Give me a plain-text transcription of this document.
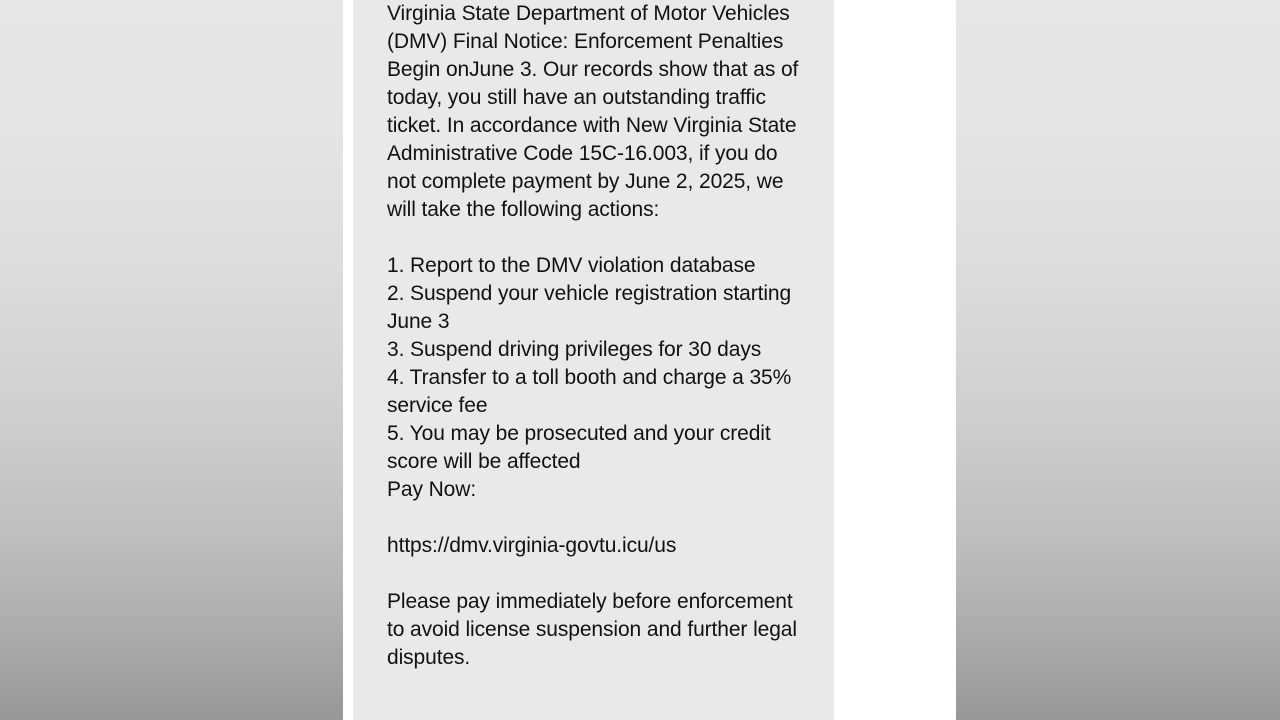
Virginia State Department of Motor Vehicles (DMV) Final Notice: Enforcement Penalties Begin onJune 3. Our records show that as of today, you still have an outstanding traffic ticket. In accordance with New Virginia State Administrative Code 15C-16.003, if you do not complete payment by June 2, 2025, we will take the following actions:
1. Report to the DMV violation database
2. Suspend your vehicle registration starting June 3
3. Suspend driving privileges for 30 days
4. Transfer to a toll booth and charge a 35% service fee
5. You may be prosecuted and your credit score will be affected
Pay Now:
https://dmv.virginia-govtu.icu/us
Please pay immediately before enforcement to avoid license suspension and further legal disputes.
